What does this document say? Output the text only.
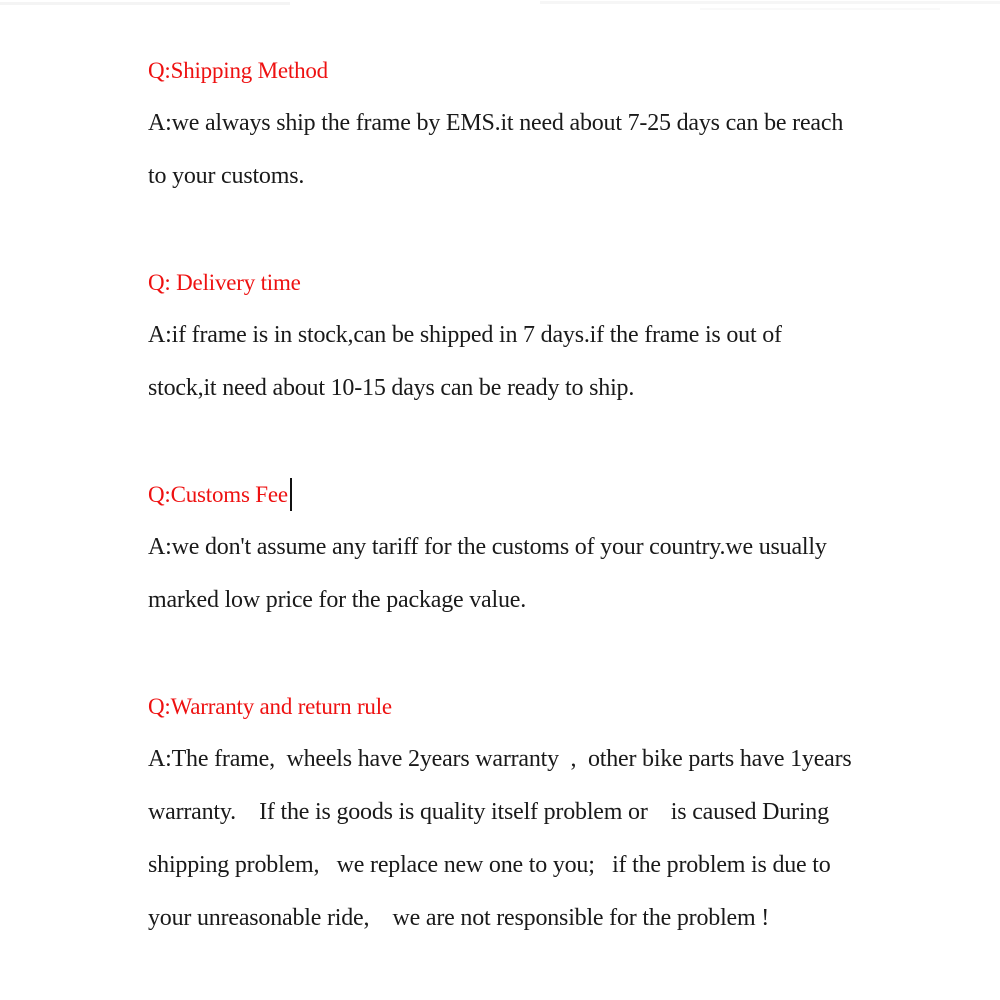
Q:Shipping Method
A:we always ship the frame by EMS.it need about 7-25 days can be reach
to your customs.
Q: Delivery time
A:if frame is in stock,can be shipped in 7 days.if the frame is out of
stock,it need about 10-15 days can be ready to ship.
Q:Customs Fee
A:we don't assume any tariff for the customs of your country.we usually
marked low price for the package value.
Q:Warranty and return rule
A:The frame,  wheels have 2years warranty  ,  other bike parts have 1years
warranty.    If the is goods is quality itself problem or    is caused During
shipping problem,   we replace new one to you;   if the problem is due to
your unreasonable ride,    we are not responsible for the problem !
